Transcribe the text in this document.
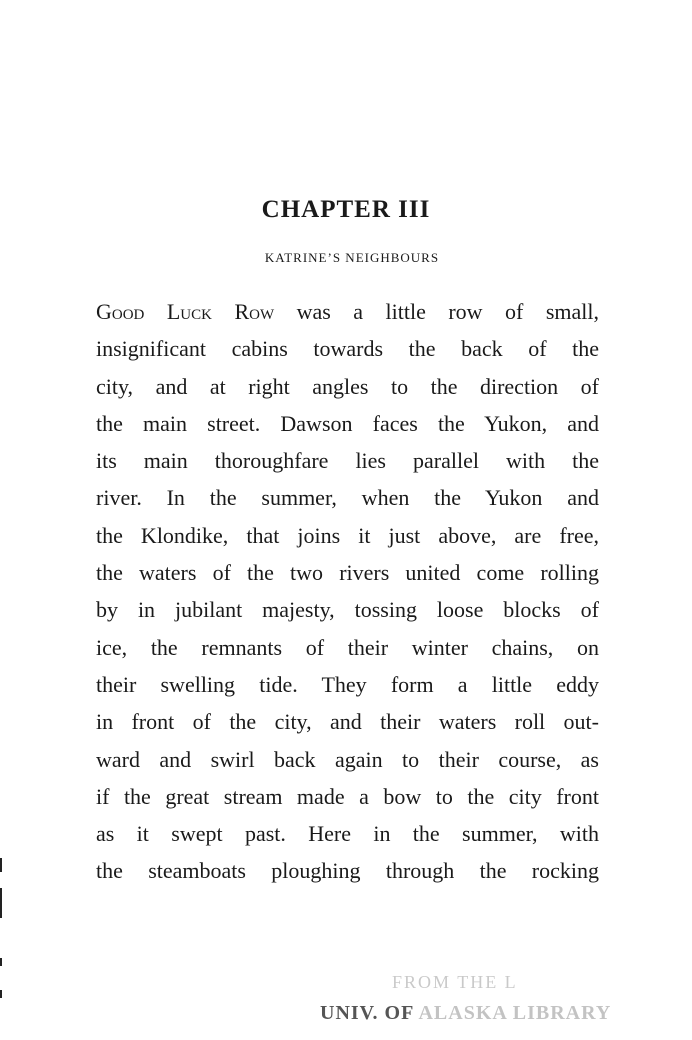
CHAPTER III
KATRINE’S NEIGHBOURS
Good Luck Row was a little row of small,
insignificant cabins towards the back of the
city, and at right angles to the direction of
the main street. Dawson faces the Yukon, and
its main thoroughfare lies parallel with the
river. In the summer, when the Yukon and
the Klondike, that joins it just above, are free,
the waters of the two rivers united come rolling
by in jubilant majesty, tossing loose blocks of
ice, the remnants of their winter chains, on
their swelling tide. They form a little eddy
in front of the city, and their waters roll out-
ward and swirl back again to their course, as
if the great stream made a bow to the city front
as it swept past. Here in the summer, with
the steamboats ploughing through the rocking
FROM THE L
UNIV. OF ALASKA LIBRARY
